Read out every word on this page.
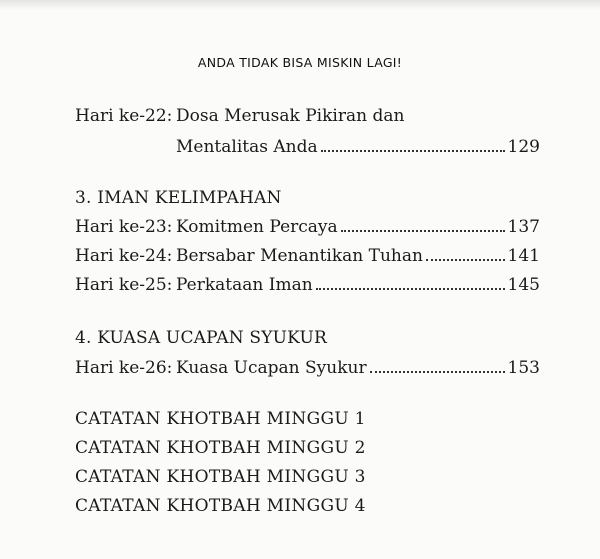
ANDA TIDAK BISA MISKIN LAGI!
Hari ke-22: Dosa Merusak Pikiran dan
Mentalitas Anda	129
3. IMAN KELIMPAHAN
Hari ke-23: Komitmen Percaya	137
Hari ke-24: Bersabar Menantikan Tuhan	141
Hari ke-25: Perkataan Iman	145
4. KUASA UCAPAN SYUKUR
Hari ke-26: Kuasa Ucapan Syukur	153
CATATAN KHOTBAH MINGGU 1
CATATAN KHOTBAH MINGGU 2
CATATAN KHOTBAH MINGGU 3
CATATAN KHOTBAH MINGGU 4
